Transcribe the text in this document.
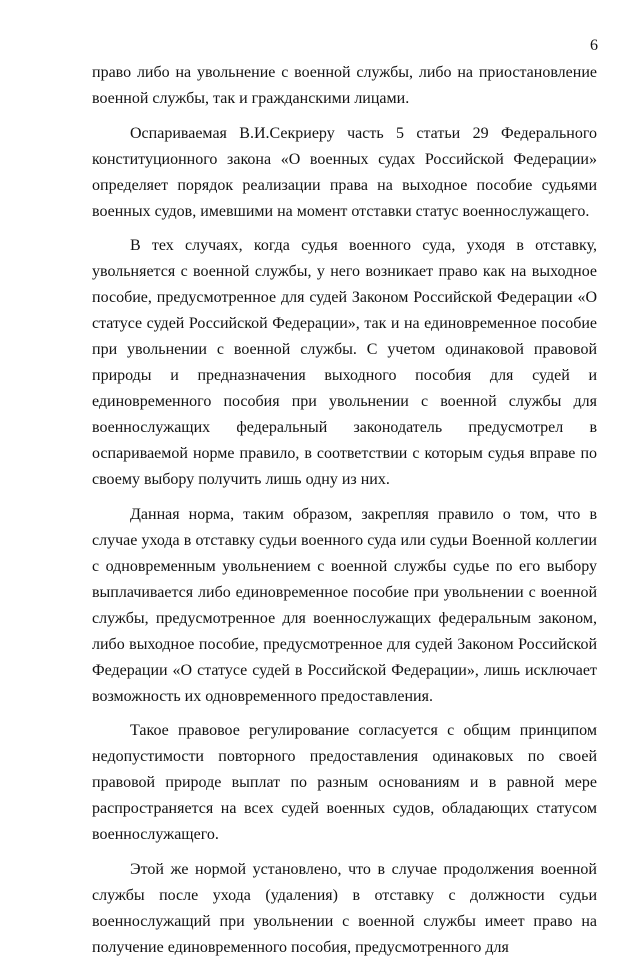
6

право либо на увольнение с военной службы, либо на приостановление военной службы, так и гражданскими лицами.

Оспариваемая В.И.Секриеру часть 5 статьи 29 Федерального конституционного закона «О военных судах Российской Федерации» определяет порядок реализации права на выходное пособие судьями военных судов, имевшими на момент отставки статус военнослужащего.

В тех случаях, когда судья военного суда, уходя в отставку, увольняется с военной службы, у него возникает право как на выходное пособие, предусмотренное для судей Законом Российской Федерации «О статусе судей Российской Федерации», так и на единовременное пособие при увольнении с военной службы. С учетом одинаковой правовой природы и предназначения выходного пособия для судей и единовременного пособия при увольнении с военной службы для военнослужащих федеральный законодатель предусмотрел в оспариваемой норме правило, в соответствии с которым судья вправе по своему выбору получить лишь одну из них.

Данная норма, таким образом, закрепляя правило о том, что в случае ухода в отставку судьи военного суда или судьи Военной коллегии с одновременным увольнением с военной службы судье по его выбору выплачивается либо единовременное пособие при увольнении с военной службы, предусмотренное для военнослужащих федеральным законом, либо выходное пособие, предусмотренное для судей Законом Российской Федерации «О статусе судей в Российской Федерации», лишь исключает возможность их одновременного предоставления.

Такое правовое регулирование согласуется с общим принципом недопустимости повторного предоставления одинаковых по своей правовой природе выплат по разным основаниям и в равной мере распространяется на всех судей военных судов, обладающих статусом военнослужащего.

Этой же нормой установлено, что в случае продолжения военной службы после ухода (удаления) в отставку с должности судьи военнослужащий при увольнении с военной службы имеет право на получение единовременного пособия, предусмотренного для
